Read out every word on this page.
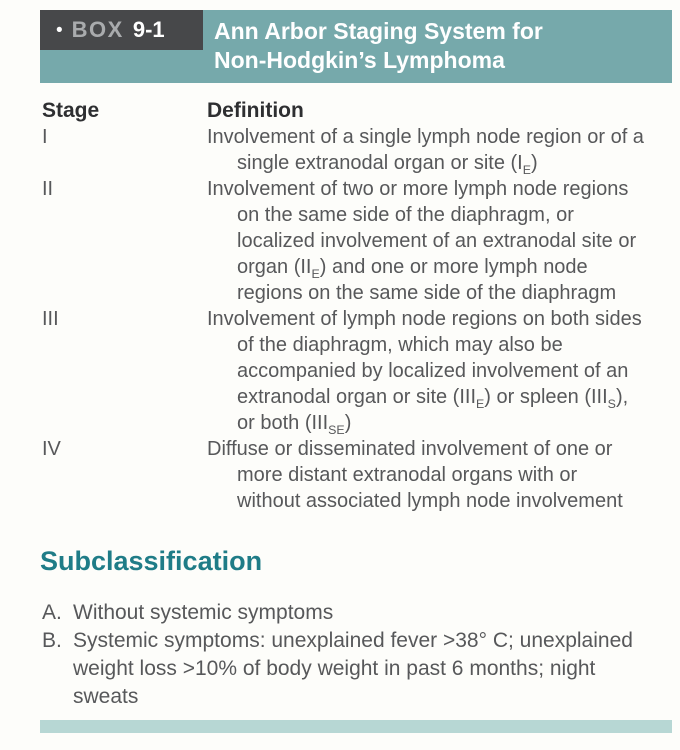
• BOX 9-1 Ann Arbor Staging System for
Non-Hodgkin’s Lymphoma
Stage	Definition
I	Involvement of a single lymph node region or of a single extranodal organ or site $(I_E)$
II	Involvement of two or more lymph node regions on the same side of the diaphragm, or localized involvement of an extranodal site or organ $(II_E)$ and one or more lymph node regions on the same side of the diaphragm
III	Involvement of lymph node regions on both sides of the diaphragm, which may also be accompanied by localized involvement of an extranodal organ or site $(III_E)$ or spleen $(III_S)$, or both $(III_{SE})$
IV	Diffuse or disseminated involvement of one or more distant extranodal organs with or without associated lymph node involvement
Subclassification
A. Without systemic symptoms
B. Systemic symptoms: unexplained fever >38° C; unexplained weight loss >10% of body weight in past 6 months; night sweats
